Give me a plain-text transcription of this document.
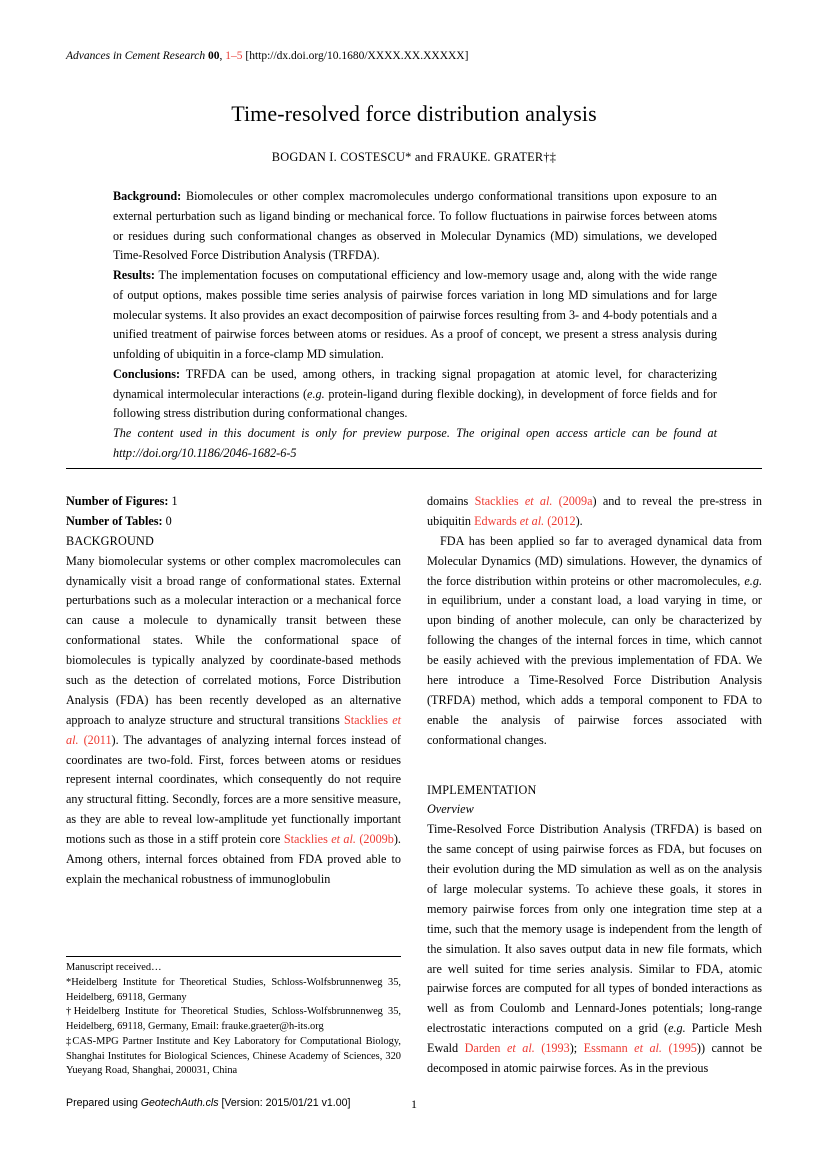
Advances in Cement Research 00, 1–5 [http://dx.doi.org/10.1680/XXXX.XX.XXXXX]
Time-resolved force distribution analysis
BOGDAN I. COSTESCU* and FRAUKE. GRATER†‡

Background: Biomolecules or other complex macromolecules undergo conformational transitions upon exposure to an external perturbation such as ligand binding or mechanical force. To follow fluctuations in pairwise forces between atoms or residues during such conformational changes as observed in Molecular Dynamics (MD) simulations, we developed Time-Resolved Force Distribution Analysis (TRFDA).

Results: The implementation focuses on computational efficiency and low-memory usage and, along with the wide range of output options, makes possible time series analysis of pairwise forces variation in long MD simulations and for large molecular systems. It also provides an exact decomposition of pairwise forces resulting from 3- and 4-body potentials and a unified treatment of pairwise forces between atoms or residues. As a proof of concept, we present a stress analysis during unfolding of ubiquitin in a force-clamp MD simulation.

Conclusions: TRFDA can be used, among others, in tracking signal propagation at atomic level, for characterizing dynamical intermolecular interactions (e.g. protein-ligand during flexible docking), in development of force fields and for following stress distribution during conformational changes.

The content used in this document is only for preview purpose. The original open access article can be found at http://doi.org/10.1186/2046-1682-6-5

Number of Figures: 1

Number of Tables: 0

BACKGROUND

Many biomolecular systems or other complex macromolecules can dynamically visit a broad range of conformational states. External perturbations such as a molecular interaction or a mechanical force can cause a molecule to dynamically transit between these conformational states. While the conformational space of biomolecules is typically analyzed by coordinate-based methods such as the detection of correlated motions, Force Distribution Analysis (FDA) has been recently developed as an alternative approach to analyze structure and structural transitions Stacklies et al. (2011). The advantages of analyzing internal forces instead of coordinates are two-fold. First, forces between atoms or residues represent internal coordinates, which consequently do not require any structural fitting. Secondly, forces are a more sensitive measure, as they are able to reveal low-amplitude yet functionally important motions such as those in a stiff protein core Stacklies et al. (2009b). Among others, internal forces obtained from FDA proved able to explain the mechanical robustness of immunoglobulin

domains Stacklies et al. (2009a) and to reveal the pre-stress in ubiquitin Edwards et al. (2012).

FDA has been applied so far to averaged dynamical data from Molecular Dynamics (MD) simulations. However, the dynamics of the force distribution within proteins or other macromolecules, e.g. in equilibrium, under a constant load, a load varying in time, or upon binding of another molecule, can only be characterized by following the changes of the internal forces in time, which cannot be easily achieved with the previous implementation of FDA. We here introduce a Time-Resolved Force Distribution Analysis (TRFDA) method, which adds a temporal component to FDA to enable the analysis of pairwise forces associated with conformational changes.

IMPLEMENTATION

Overview

Time-Resolved Force Distribution Analysis (TRFDA) is based on the same concept of using pairwise forces as FDA, but focuses on their evolution during the MD simulation as well as on the analysis of large molecular systems. To achieve these goals, it stores in memory pairwise forces from only one integration time step at a time, such that the memory usage is independent from the length of the simulation. It also saves output data in new file formats, which are well suited for time series analysis. Similar to FDA, atomic pairwise forces are computed for all types of bonded interactions as well as from Coulomb and Lennard-Jones potentials; long-range electrostatic interactions computed on a grid (e.g. Particle Mesh Ewald Darden et al. (1993); Essmann et al. (1995)) cannot be decomposed in atomic pairwise forces. As in the previous

Manuscript received…

*Heidelberg Institute for Theoretical Studies, Schloss-Wolfsbrunnenweg 35, Heidelberg, 69118, Germany

†Heidelberg Institute for Theoretical Studies, Schloss-Wolfsbrunnenweg 35, Heidelberg, 69118, Germany, Email: frauke.graeter@h-its.org

‡CAS-MPG Partner Institute and Key Laboratory for Computational Biology, Shanghai Institutes for Biological Sciences, Chinese Academy of Sciences, 320 Yueyang Road, Shanghai, 200031, China

Prepared using GeotechAuth.cls [Version: 2015/01/21 v1.00]	1
